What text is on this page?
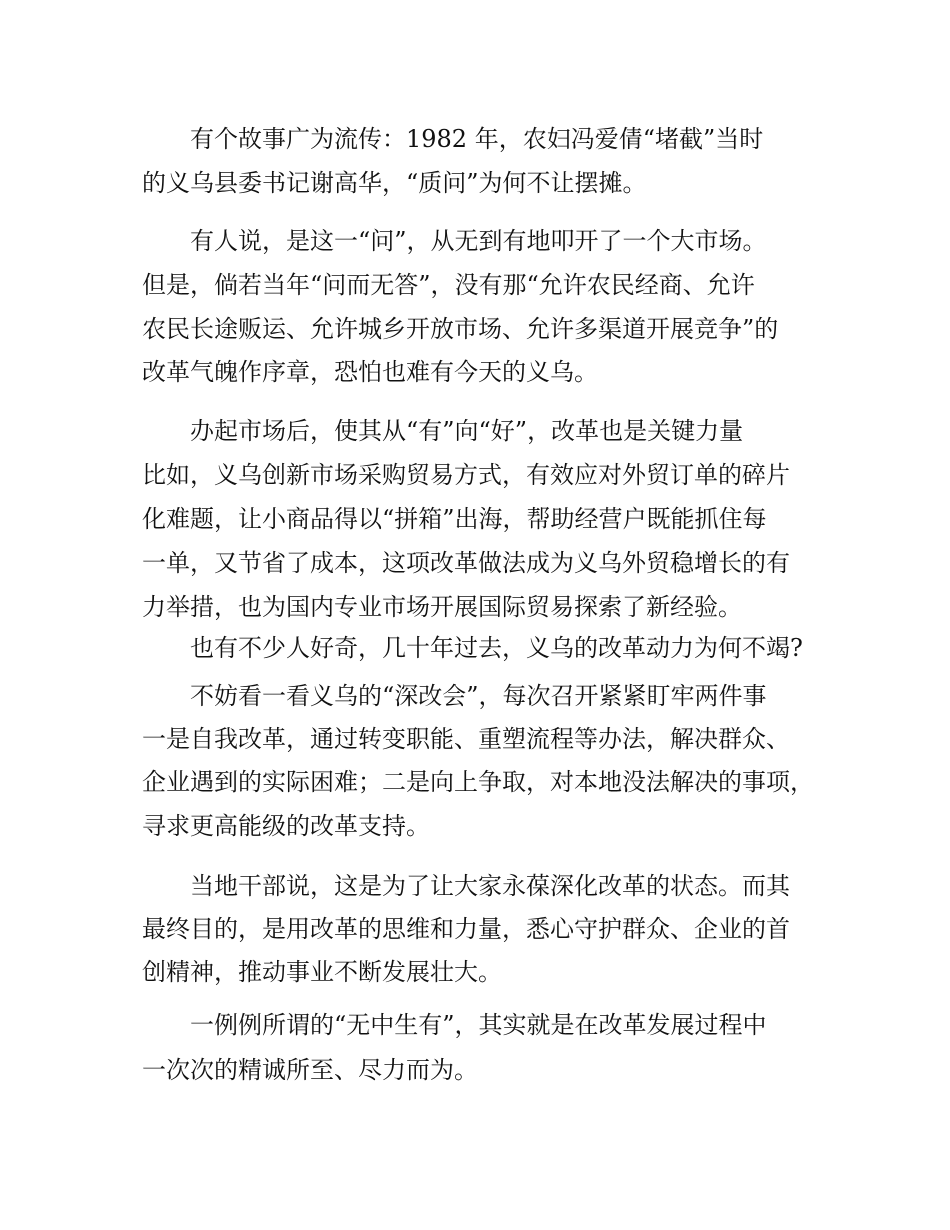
有个故事广为流传：1982 年，农妇冯爱倩“堵截”当时
的义乌县委书记谢高华，“质问”为何不让摆摊。
有人说，是这一“问”，从无到有地叩开了一个大市场。
但是，倘若当年“问而无答”，没有那“允许农民经商、允许
农民长途贩运、允许城乡开放市场、允许多渠道开展竞争”的
改革气魄作序章，恐怕也难有今天的义乌。
办起市场后，使其从“有”向“好”，改革也是关键力量
比如，义乌创新市场采购贸易方式，有效应对外贸订单的碎片
化难题，让小商品得以“拼箱”出海，帮助经营户既能抓住每
一单，又节省了成本，这项改革做法成为义乌外贸稳增长的有
力举措，也为国内专业市场开展国际贸易探索了新经验。
也有不少人好奇，几十年过去，义乌的改革动力为何不竭?
不妨看一看义乌的“深改会”，每次召开紧紧盯牢两件事
一是自我改革，通过转变职能、重塑流程等办法，解决群众、
企业遇到的实际困难；二是向上争取，对本地没法解决的事项，
寻求更高能级的改革支持。
当地干部说，这是为了让大家永葆深化改革的状态。而其
最终目的，是用改革的思维和力量，悉心守护群众、企业的首
创精神，推动事业不断发展壮大。
一例例所谓的“无中生有”，其实就是在改革发展过程中
一次次的精诚所至、尽力而为。
